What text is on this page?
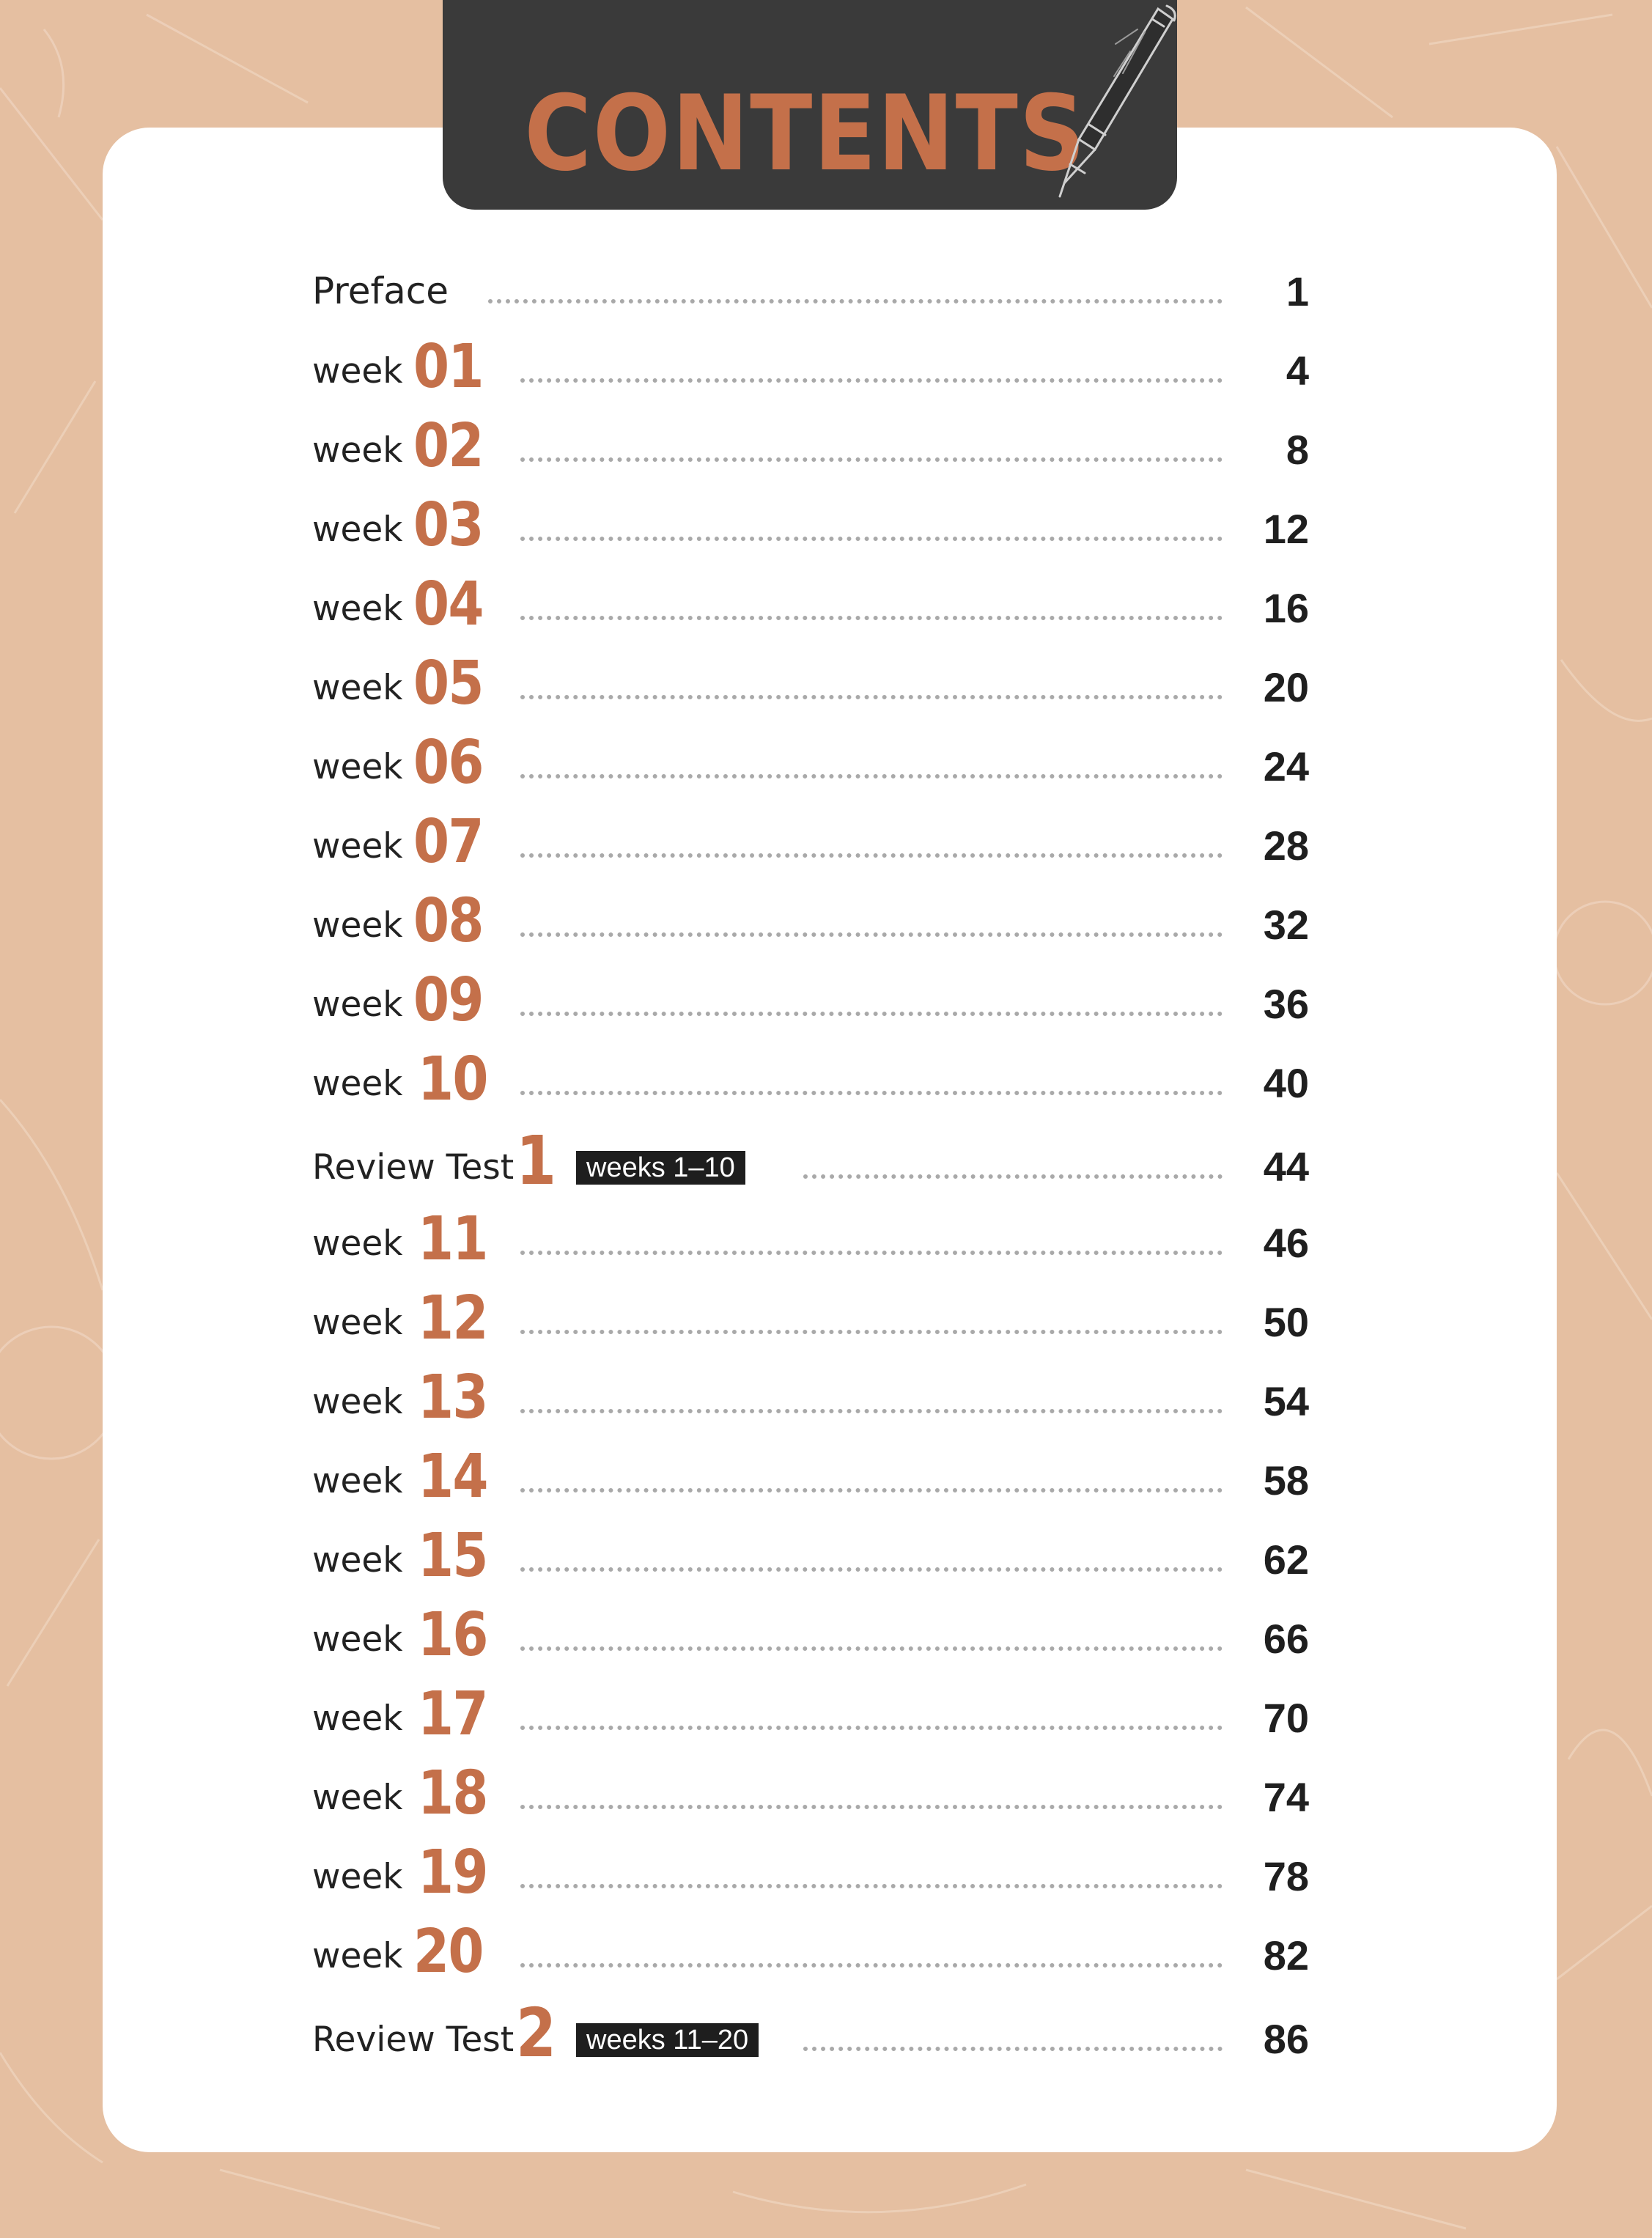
CONTENTS
Preface	1
week 01	4
week 02	8
week 03	12
week 04	16
week 05	20
week 06	24
week 07	28
week 08	32
week 09	36
week 10	40
Review Test 1	weeks 1–10	44
week 11	46
week 12	50
week 13	54
week 14	58
week 15	62
week 16	66
week 17	70
week 18	74
week 19	78
week 20	82
Review Test 2	weeks 11–20	86
